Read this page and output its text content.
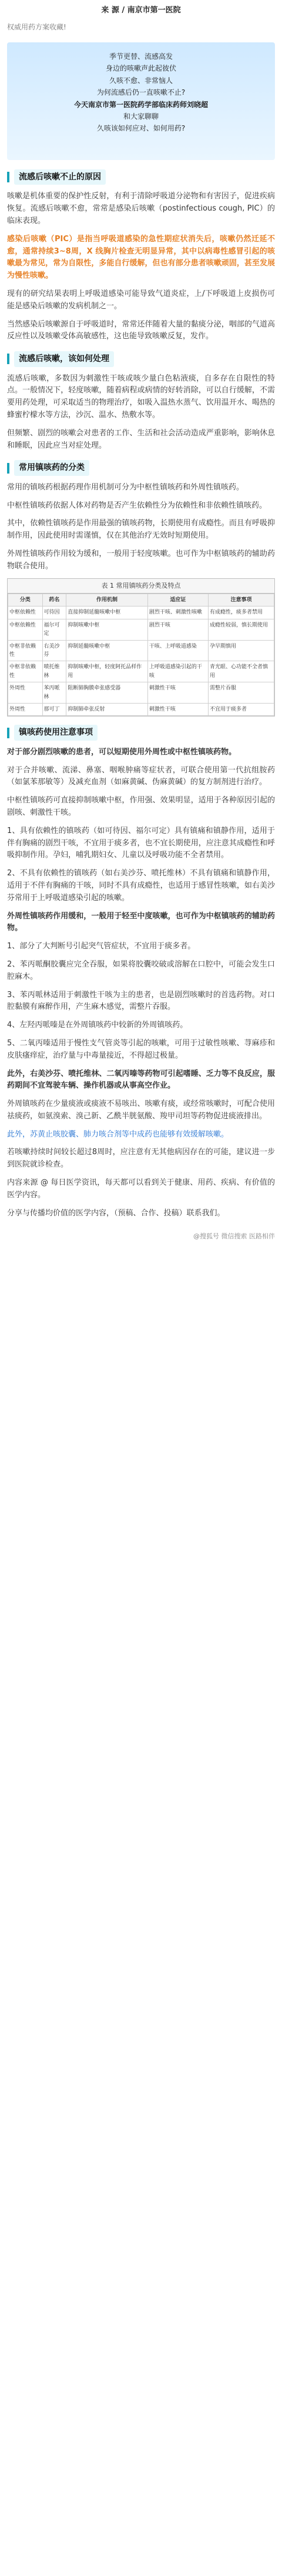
来 源 / 南京市第一医院
权威用药方案收藏!
季节更替、流感高发
身边的咳嗽声此起彼伏
久咳不愈、非常恼人
为何流感后仍一直咳嗽不止?
今天南京市第一医院药学部临床药师刘晓超
和大家聊聊
久咳该如何应对、如何用药?
流感后咳嗽不止的原因
咳嗽是机体重要的保护性反射，有利于清除呼吸道分泌物和有害因子，促进疾病恢复。流感后咳嗽不愈，常常是感染后咳嗽（postinfectious cough, PIC）的临床表现。
感染后咳嗽（PIC）是指当呼吸道感染的急性期症状消失后，咳嗽仍然迁延不愈，通常持续3~8周，X 线胸片检查无明显异常，其中以病毒性感冒引起的咳嗽最为常见，常为自限性，多能自行缓解，但也有部分患者咳嗽顽固，甚至发展为慢性咳嗽。
现有的研究结果表明上呼吸道感染可能导致气道炎症，上/下呼吸道上皮损伤可能是感染后咳嗽的发病机制之一。
当然感染后咳嗽源自于呼吸道时，常常还伴随着大量的黏痰分泌，咽部的气道高反应性以及咳嗽受体高敏感性，这也能导致咳嗽反复，发作。
流感后咳嗽，该如何处理
流感后咳嗽，多数因为刺激性干咳或咳少量白色粘液痰，自多存在自限性的特点。一般情况下，轻度咳嗽，随着病程或病情的好转消除，可以自行缓解，不需要用药处理，可采取适当的物理治疗，如吸入温热水蒸气、饮用温开水、喝热的蜂蜜柠檬水等方法，沙沉、温水、热敷水等。
但频繁、剧烈的咳嗽会对患者的工作、生活和社会活动造成严重影响，影响休息和睡眠，因此应当对症处理。
常用镇咳药的分类
常用的镇咳药根据药理作用机制可分为中枢性镇咳药和外周性镇咳药。
中枢性镇咳药依据人体对药物是否产生依赖性分为依赖性和非依赖性镇咳药。
其中，依赖性镇咳药是作用最强的镇咳药物，长期使用有成瘾性。而且有呼吸抑制作用，因此使用时需谨慎，仅在其他治疗无效时短期使用。
外周性镇咳药作用较为缓和，一般用于轻度咳嗽。也可作为中枢镇咳药的辅助药物联合使用。
表 1 常用镇咳药分类及特点
分类	药名	作用机制	适应证	注意事项
中枢依赖性	可待因	直接抑制延髓咳嗽中枢	剧烈干咳、刺激性咳嗽	有成瘾性，痰多者禁用
中枢依赖性	福尔可定	抑制咳嗽中枢	剧烈干咳	成瘾性较弱，慎长期使用
中枢非依赖性	右美沙芬	抑制延髓咳嗽中枢	干咳、上呼吸道感染	孕早期慎用
中枢非依赖性	喷托维林	抑制咳嗽中枢，轻度阿托品样作用	上呼吸道感染引起的干咳	青光眼、心功能不全者慎用
外周性	苯丙哌林	阻断肺胸膜牵张感受器	刺激性干咳	需整片吞服
外周性	那可丁	抑制肺牵张反射	刺激性干咳	不宜用于痰多者
镇咳药使用注意事项
对于部分剧烈咳嗽的患者，可以短期使用外周性或中枢性镇咳药物。
对于合并咳嗽、流涕、鼻塞、咽喉肿痛等症状者，可联合使用第一代抗组胺药（如氯苯那敏等）及减充血剂（如麻黄碱、伪麻黄碱）的复方制剂进行治疗。
中枢性镇咳药可直接抑制咳嗽中枢，作用强、效果明显，适用于各种原因引起的剧咳、刺激性干咳。
1、具有依赖性的镇咳药（如可待因、福尔可定）具有镇痛和镇静作用，适用于伴有胸痛的剧烈干咳，不宜用于痰多者，也不宜长期使用，应注意其成瘾性和呼吸抑制作用。孕妇，哺乳期妇女、儿童以及呼吸功能不全者禁用。
2、不具有依赖性的镇咳药（如右美沙芬、喷托维林）不具有镇痛和镇静作用，适用于不伴有胸痛的干咳，同时不具有成瘾性，也适用于感冒性咳嗽，如右美沙芬常用于上呼吸道感染引起的咳嗽。
外周性镇咳药作用缓和，一般用于轻至中度咳嗽，也可作为中枢镇咳药的辅助药物。
1、部分了大判断号引起突气管症状，不宜用于痰多者。
2、苯丙哌酮胶囊应完全吞服，如果将胶囊咬破或溶解在口腔中，可能会发生口腔麻木。
3、苯丙哌林适用于刺激性干咳为主的患者，也是剧烈咳嗽时的首选药物。对口腔黏膜有麻醉作用，产生麻木感觉，需整片吞服。
4、左羟丙哌嗪是在外周镇咳药中较新的外周镇咳药。
5、二氧丙嗪适用于慢性支气管炎等引起的咳嗽，可用于过敏性咳嗽、荨麻疹和皮肤瘙痒症，治疗量与中毒量接近，不得超过极量。
此外，右美沙芬、喷托维林、二氧丙嗪等药物可引起嗜睡、乏力等不良反应，服药期间不宜驾驶车辆、操作机器或从事高空作业。
外周镇咳药在少量痰液或痰液不易咳出、咳嗽有痰，或经常咳嗽时，可配合使用祛痰药，如氨溴索、溴己新、乙酰半胱氨酸、羧甲司坦等药物促进痰液排出。
此外，苏黄止咳胶囊、肺力咳合剂等中成药也能够有效缓解咳嗽。
若咳嗽持续时间较长超过8周时，应注意有无其他病因存在的可能，建议进一步到医院就诊检查。
内容来源 @ 每日医学资讯，每天都可以看到关于健康、用药、疾病、有价值的医学内容。
分享与传播均价值的医学内容，（预稿、合作、投稿）联系我们。
@搜狐号 微信搜索 医路相伴
